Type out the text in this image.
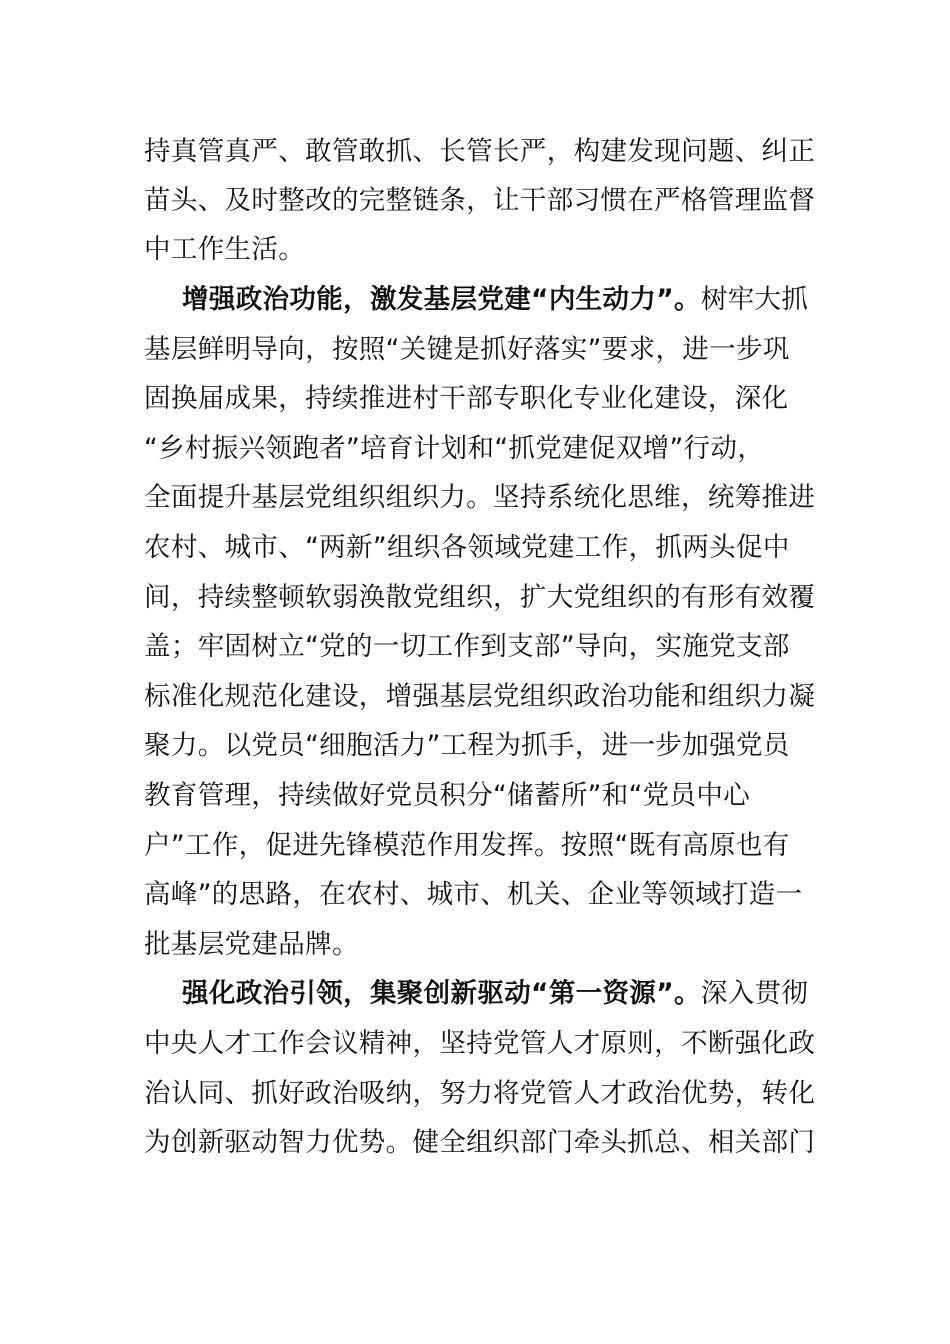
持真管真严、敢管敢抓、长管长严，构建发现问题、纠正
苗头、及时整改的完整链条，让干部习惯在严格管理监督
中工作生活。
增强政治功能，激发基层党建“内生动力”。树牢大抓
基层鲜明导向，按照“关键是抓好落实”要求，进一步巩
固换届成果，持续推进村干部专职化专业化建设，深化
“乡村振兴领跑者”培育计划和“抓党建促双增”行动，
全面提升基层党组织组织力。坚持系统化思维，统筹推进
农村、城市、“两新”组织各领域党建工作，抓两头促中
间，持续整顿软弱涣散党组织，扩大党组织的有形有效覆
盖；牢固树立“党的一切工作到支部”导向，实施党支部
标准化规范化建设，增强基层党组织政治功能和组织力凝
聚力。以党员“细胞活力”工程为抓手，进一步加强党员
教育管理，持续做好党员积分“储蓄所”和“党员中心
户”工作，促进先锋模范作用发挥。按照“既有高原也有
高峰”的思路，在农村、城市、机关、企业等领域打造一
批基层党建品牌。
强化政治引领，集聚创新驱动“第一资源”。深入贯彻
中央人才工作会议精神，坚持党管人才原则，不断强化政
治认同、抓好政治吸纳，努力将党管人才政治优势，转化
为创新驱动智力优势。健全组织部门牵头抓总、相关部门
